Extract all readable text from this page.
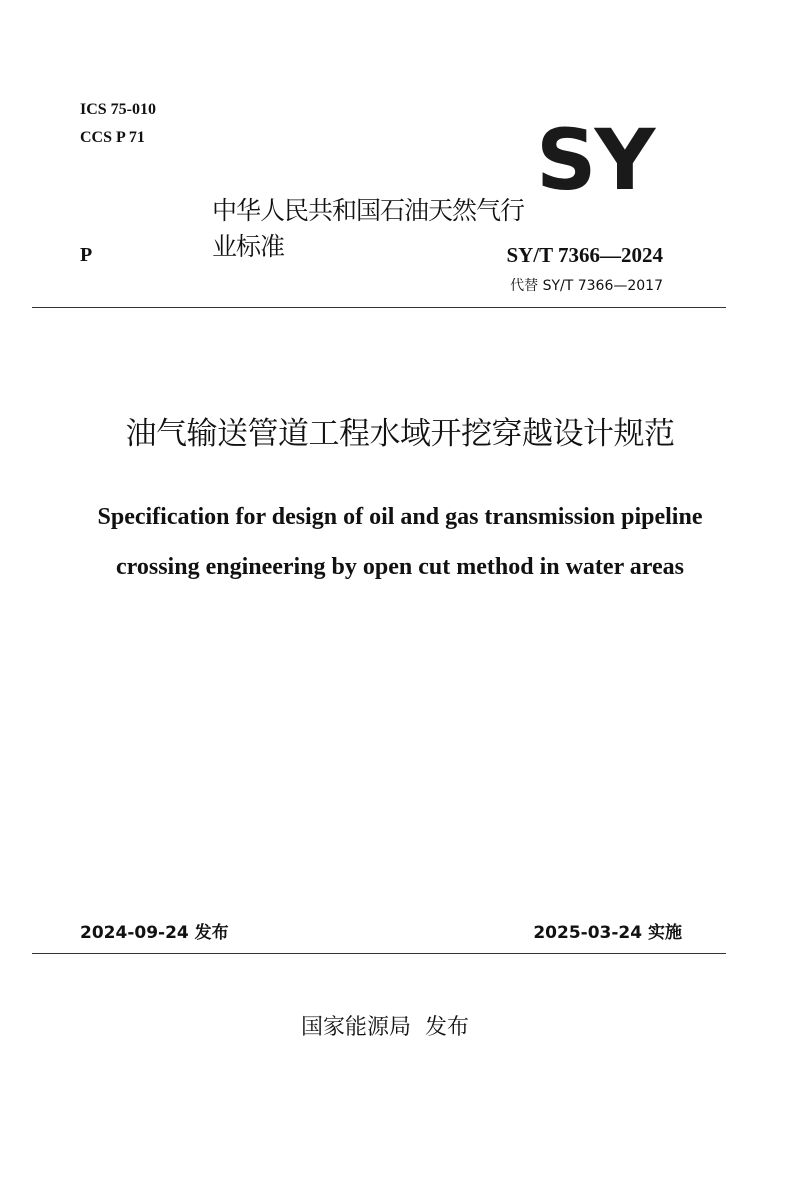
ICS 75-010
CCS P 71	SY
中华人民共和国石油天然气行业标准
P	SY/T 7366—2024
代替 SY/T 7366—2017
油气输送管道工程水域开挖穿越设计规范
Specification for design of oil and gas transmission pipeline
crossing engineering by open cut method in water areas
2024-09-24 发布	2025-03-24 实施
国家能源局  发布
